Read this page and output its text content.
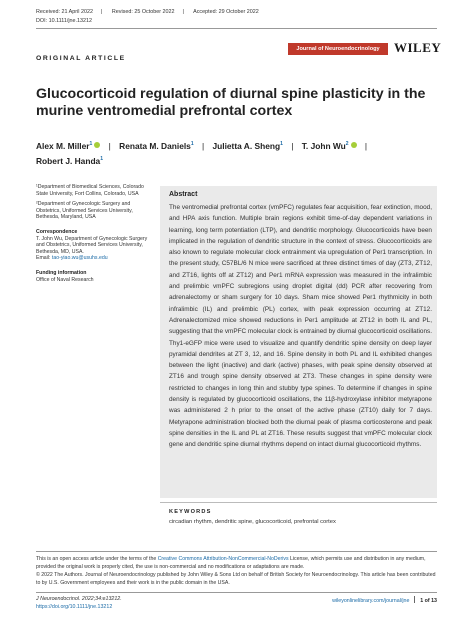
Received: 21 April 2022 | Revised: 25 October 2022 | Accepted: 29 October 2022
DOI: 10.1111/jne.13212
Journal of Neuroendocrinology	WILEY
ORIGINAL ARTICLE
Glucocorticoid regulation of diurnal spine plasticity in the murine ventromedial prefrontal cortex
Alex M. Miller$^1$ | Renata M. Daniels$^1$ | Julietta A. Sheng$^1$ | T. John Wu$^2$ |
Robert J. Handa$^1$

¹Department of Biomedical Sciences, Colorado State University, Fort Collins, Colorado, USA

²Department of Gynecologic Surgery and Obstetrics, Uniformed Services University, Bethesda, Maryland, USA

Correspondence

T. John Wu, Department of Gynecologic Surgery and Obstetrics, Uniformed Services University, Bethesda, MD, USA.

Email: tao-yiao.wu@usuhs.edu

Funding information

Office of Naval Research

Abstract
The ventromedial prefrontal cortex (vmPFC) regulates fear acquisition, fear extinction, mood, and HPA axis function. Multiple brain regions exhibit time-of-day dependent variations in learning, long term potentiation (LTP), and dendritic morphology. Glucocorticoids have been implicated in the regulation of dendritic structure in the context of stress. Glucocorticoids are also known to regulate molecular clock entrainment via upregulation of Per1 transcription. In the present study, C57BL/6 N mice were sacrificed at three distinct times of day (ZT3, ZT12, and ZT16, lights off at ZT12) and Per1 mRNA expression was measured in the infralimbic and prelimbic vmPFC subregions using droplet digital (dd) PCR after recovering from adrenalectomy or sham surgery for 10 days. Sham mice showed Per1 rhythmicity in both infralimbic (IL) and prelimbic (PL) cortex, with peak expression occurring at ZT12. Adrenalectomized mice showed reductions in Per1 amplitude at ZT12 in both IL and PL, suggesting that the vmPFC molecular clock is entrained by diurnal glucocorticoid oscillations. Thy1-eGFP mice were used to visualize and quantify dendritic spine density on deep layer pyramidal dendrites at ZT 3, 12, and 16. Spine density in both PL and IL exhibited changes between the light (inactive) and dark (active) phases, with peak spine density observed at ZT16 and trough spine density observed at ZT3. These changes in spine density were restricted to changes in long thin and stubby type spines. To determine if changes in spine density is regulated by glucocorticoid oscillations, the 11β-hydroxylase inhibitor metyrapone was administered 2 h prior to the onset of the active phase (ZT10) daily for 7 days. Metyrapone administration blocked both the diurnal peak of plasma corticosterone and peak spine densities in the IL and PL at ZT16. These results suggest that vmPFC molecular clock gene and dendritic spine diurnal rhythms depend on intact diurnal glucocorticoid rhythms.
KEYWORDS
circadian rhythm, dendritic spine, glucocorticoid, prefrontal cortex
This is an open access article under the terms of the Creative Commons Attribution-NonCommercial-NoDerivs License, which permits use and distribution in any medium, provided the original work is properly cited, the use is non-commercial and no modifications or adaptations are made.
© 2022 The Authors. Journal of Neuroendocrinology published by John Wiley & Sons Ltd on behalf of British Society for Neuroendocrinology. This article has been contributed to by U.S. Government employees and their work is in the public domain in the USA.
J Neuroendocrinol. 2022;34:e13212.
https://doi.org/10.1111/jne.13212
wileyonlinelibrary.com/journal/jne 1 of 13
